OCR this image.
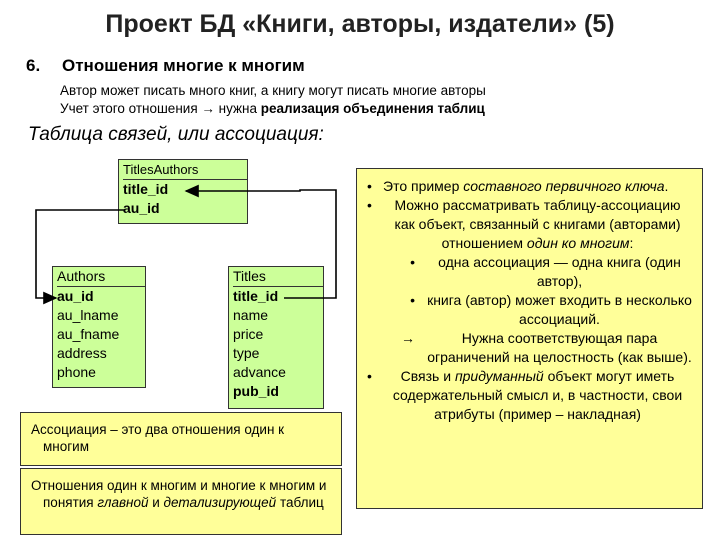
Проект БД «Книги, авторы, издатели» (5)
6. Отношения многие к многим
Автор может писать много книг, а книгу могут писать многие авторы
Учет этого отношения → нужна реализация объединения таблиц
Таблица связей, или ассоциация:
TitlesAuthors
title_id
au_id
Authors
au_id
au_lname
au_fname
address
phone
Titles
title_id
name
price
type
advance
pub_id
Ассоциация – это два отношения один к многим
Отношения один к многим и многие к многим и понятия главной и детализирующей таблиц
• Это пример составного первичного ключа.
•	Можно рассматривать таблицу-ассоциацию как объект, связанный с книгами (авторами) отношением один ко многим:
•	одна ассоциация — одна книга (один автор),
• книга (автор) может входить в несколько ассоциаций.
→	Нужна соответствующая пара ограничений на целостность (как выше).
•	Связь и придуманный объект могут иметь содержательный смысл и, в частности, свои атрибуты (пример – накладная)
